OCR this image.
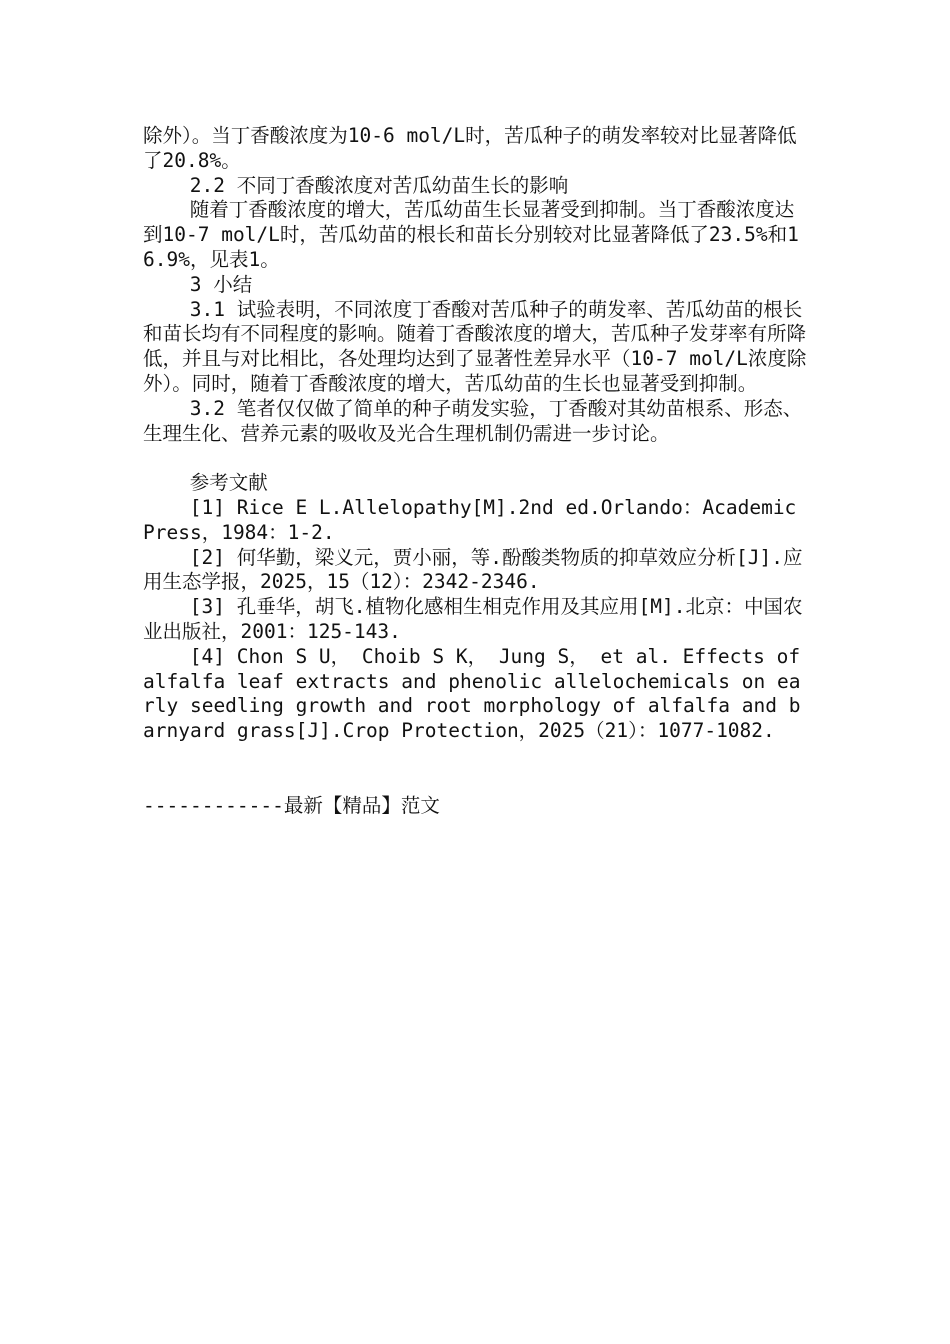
除外）。当丁香酸浓度为10-6 mol/L时，苦瓜种子的萌发率较对比显著降低了20.8%。

2.2 不同丁香酸浓度对苦瓜幼苗生长的影响

随着丁香酸浓度的增大，苦瓜幼苗生长显著受到抑制。当丁香酸浓度达到10-7 mol/L时，苦瓜幼苗的根长和苗长分别较对比显著降低了23.5%和16.9%，见表1。

3 小结

3.1 试验表明，不同浓度丁香酸对苦瓜种子的萌发率、苦瓜幼苗的根长和苗长均有不同程度的影响。随着丁香酸浓度的增大，苦瓜种子发芽率有所降低，并且与对比相比，各处理均达到了显著性差异水平（10-7 mol/L浓度除外）。同时，随着丁香酸浓度的增大，苦瓜幼苗的生长也显著受到抑制。

3.2 笔者仅仅做了简单的种子萌发实验，丁香酸对其幼苗根系、形态、生理生化、营养元素的吸收及光合生理机制仍需进一步讨论。

参考文献

[1] Rice E L.Allelopathy[M].2nd ed.Orlando：Academic Press，1984：1-2.

[2] 何华勤，梁义元，贾小丽，等.酚酸类物质的抑草效应分析[J].应用生态学报，2025，15（12）：2342-2346.

[3] 孔垂华，胡飞.植物化感相生相克作用及其应用[M].北京：中国农业出版社，2001：125-143.

[4] Chon S U， Choib S K， Jung S， et al. Effects of alfalfa leaf extracts and phenolic allelochemicals on early seedling growth and root morphology of alfalfa and barnyard grass[J].Crop Protection，2025（21）：1077-1082.

------------最新【精品】范文
